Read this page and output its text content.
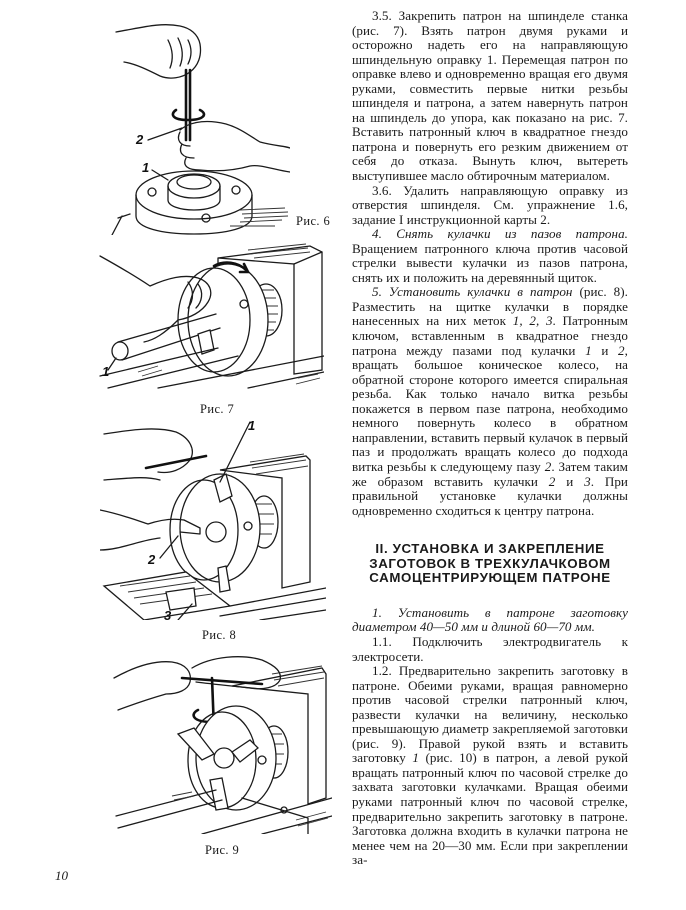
2
1
Рис. 6
1
Рис. 7
1
2
3
Рис. 8
Рис. 9
10

3.5. Закрепить патрон на шпинделе станка (рис. 7). Взять патрон двумя руками и осторожно надеть его на направляющую шпиндельную оправку 1. Перемещая патрон по оправке влево и одновременно вращая его двумя руками, совместить первые нитки резьбы шпинделя и патрона, а затем навернуть патрон на шпиндель до упора, как показано на рис. 7. Вставить патронный ключ в квадратное гнездо патрона и повернуть его резким движением от себя до отказа. Вынуть ключ, вытереть выступившее масло обтирочным материалом.

3.6. Удалить направляющую оправку из отверстия шпинделя. См. упражнение 1.6, задание I инструкционной карты 2.

4. Снять кулачки из пазов патрона. Вращением патронного ключа против часовой стрелки вывести кулачки из пазов патрона, снять их и положить на деревянный щиток.

5. Установить кулачки в патрон (рис. 8). Разместить на щитке кулачки в порядке нанесенных на них меток 1, 2, 3. Патронным ключом, вставленным в квадратное гнездо патрона между пазами под кулачки 1 и 2, вращать большое коническое колесо, на обратной стороне которого имеется спиральная резьба. Как только начало витка резьбы покажется в первом пазе патрона, необходимо немного повернуть колесо в обратном направлении, вставить первый кулачок в первый паз и продолжать вращать колесо до подхода витка резьбы к следующему пазу 2. Затем таким же образом вставить кулачки 2 и 3. При правильной установке кулачки должны одновременно сходиться к центру патрона.

II. УСТАНОВКА И ЗАКРЕПЛЕНИЕ
ЗАГОТОВОК В ТРЕХКУЛАЧКОВОМ
САМОЦЕНТРИРУЮЩЕМ ПАТРОНЕ

1. Установить в патроне заготовку диаметром 40—50 мм и длиной 60—70 мм.

1.1. Подключить электродвигатель к электросети.

1.2. Предварительно закрепить заготовку в патроне. Обеими руками, вращая равномерно против часовой стрелки патронный ключ, развести кулачки на величину, несколько превышающую диаметр закрепляемой заготовки (рис. 9). Правой рукой взять и вставить заготовку 1 (рис. 10) в патрон, а левой рукой вращать патронный ключ по часовой стрелке до захвата заготовки кулачками. Вращая обеими руками патронный ключ по часовой стрелке, предварительно закрепить заготовку в патроне. Заготовка должна входить в кулачки патрона не менее чем на 20—30 мм. Если при закреплении за-
